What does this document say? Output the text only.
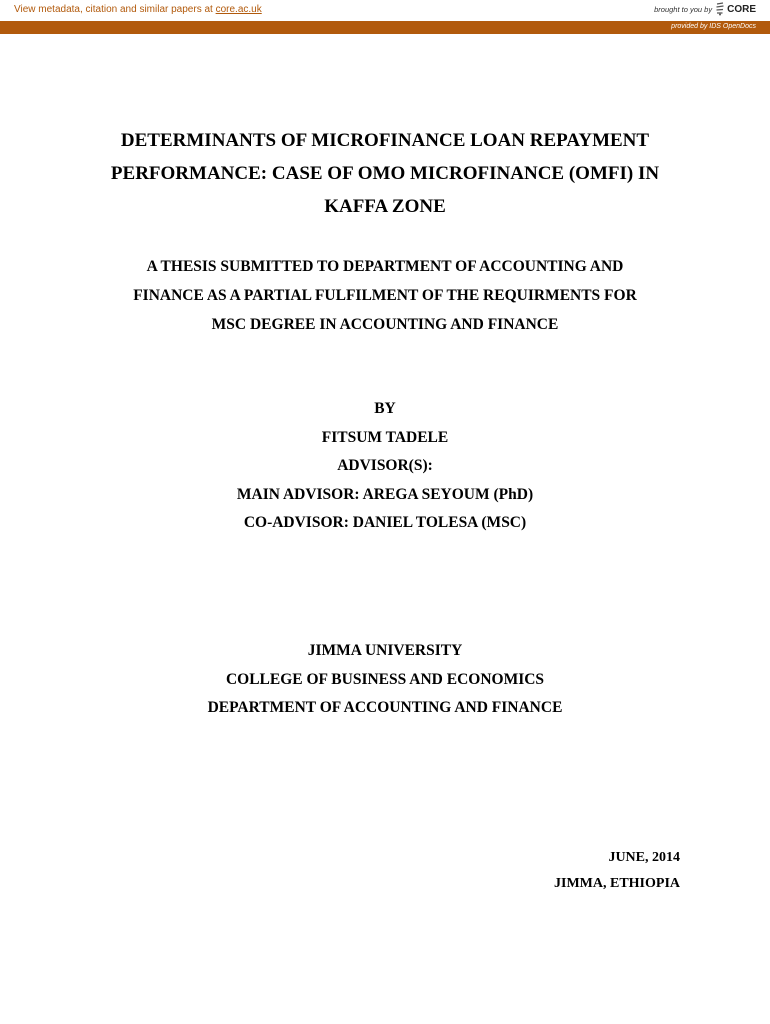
View metadata, citation and similar papers at core.ac.uk	brought to you by CORE
provided by IDS OpenDocs
DETERMINANTS OF MICROFINANCE LOAN REPAYMENT
PERFORMANCE: CASE OF OMO MICROFINANCE (OMFI) IN
KAFFA ZONE
A THESIS SUBMITTED TO DEPARTMENT OF ACCOUNTING AND
FINANCE AS A PARTIAL FULFILMENT OF THE REQUIRMENTS FOR
MSC DEGREE IN ACCOUNTING AND FINANCE
BY
FITSUM TADELE
ADVISOR(S):
MAIN ADVISOR: AREGA SEYOUM (PhD)
CO-ADVISOR: DANIEL TOLESA (MSC)
JIMMA UNIVERSITY
COLLEGE OF BUSINESS AND ECONOMICS
DEPARTMENT OF ACCOUNTING AND FINANCE
JUNE, 2014
JIMMA, ETHIOPIA
